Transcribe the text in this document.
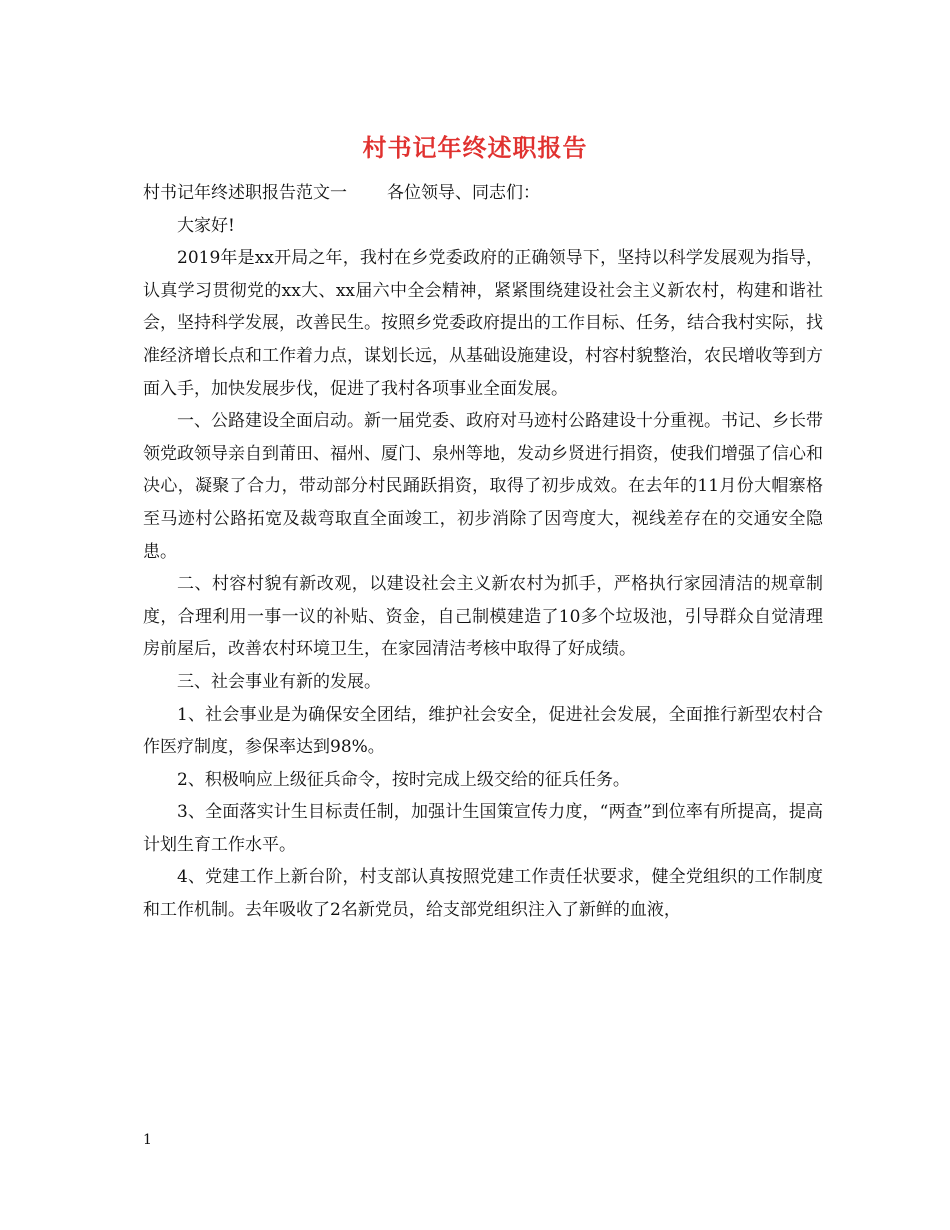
村书记年终述职报告

村书记年终述职报告范文一 各位领导、同志们：

大家好!

2019年是xx开局之年，我村在乡党委政府的正确领导下，坚持以科学发展观为指导，认真学习贯彻党的xx大、xx届六中全会精神，紧紧围绕建设社会主义新农村，构建和谐社会，坚持科学发展，改善民生。按照乡党委政府提出的工作目标、任务，结合我村实际，找准经济增长点和工作着力点，谋划长远，从基础设施建设，村容村貌整治，农民增收等到方面入手，加快发展步伐，促进了我村各项事业全面发展。

一、公路建设全面启动。新一届党委、政府对马迹村公路建设十分重视。书记、乡长带领党政领导亲自到莆田、福州、厦门、泉州等地，发动乡贤进行捐资，使我们增强了信心和决心，凝聚了合力，带动部分村民踊跃捐资，取得了初步成效。在去年的11月份大帽寨格至马迹村公路拓宽及裁弯取直全面竣工，初步消除了因弯度大，视线差存在的交通安全隐患。

二、村容村貌有新改观，以建设社会主义新农村为抓手，严格执行家园清洁的规章制度，合理利用一事一议的补贴、资金，自己制模建造了10多个垃圾池，引导群众自觉清理房前屋后，改善农村环境卫生，在家园清洁考核中取得了好成绩。

三、社会事业有新的发展。

1、社会事业是为确保安全团结，维护社会安全，促进社会发展，全面推行新型农村合作医疗制度，参保率达到98%。

2、积极响应上级征兵命令，按时完成上级交给的征兵任务。

3、全面落实计生目标责任制，加强计生国策宣传力度，“两查”到位率有所提高，提高计划生育工作水平。

4、党建工作上新台阶，村支部认真按照党建工作责任状要求，健全党组织的工作制度和工作机制。去年吸收了2名新党员，给支部党组织注入了新鲜的血液，

1
